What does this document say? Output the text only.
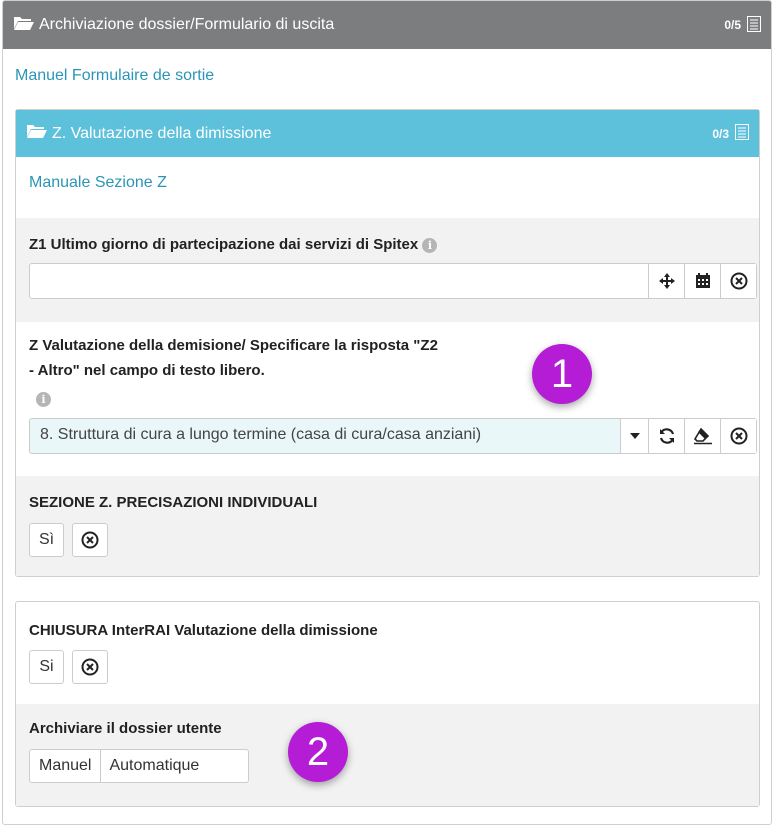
Archiviazione dossier/Formulario di uscita	0/5
Manuel Formulaire de sortie
Z. Valutazione della dimissione	0/3
Manuale Sezione Z
Z1 Ultimo giorno di partecipazione dai servizi di Spitex i
Z Valutazione della demisione/ Specificare la risposta "Z2
- Altro" nel campo di testo libero.
i
8. Struttura di cura a lungo termine (casa di cura/casa anziani)
SEZIONE Z. PRECISAZIONI INDIVIDUALI
Sì
CHIUSURA InterRAI Valutazione della dimissione
Si
Archiviare il dossier utente
Manuel	Automatique
1
2
